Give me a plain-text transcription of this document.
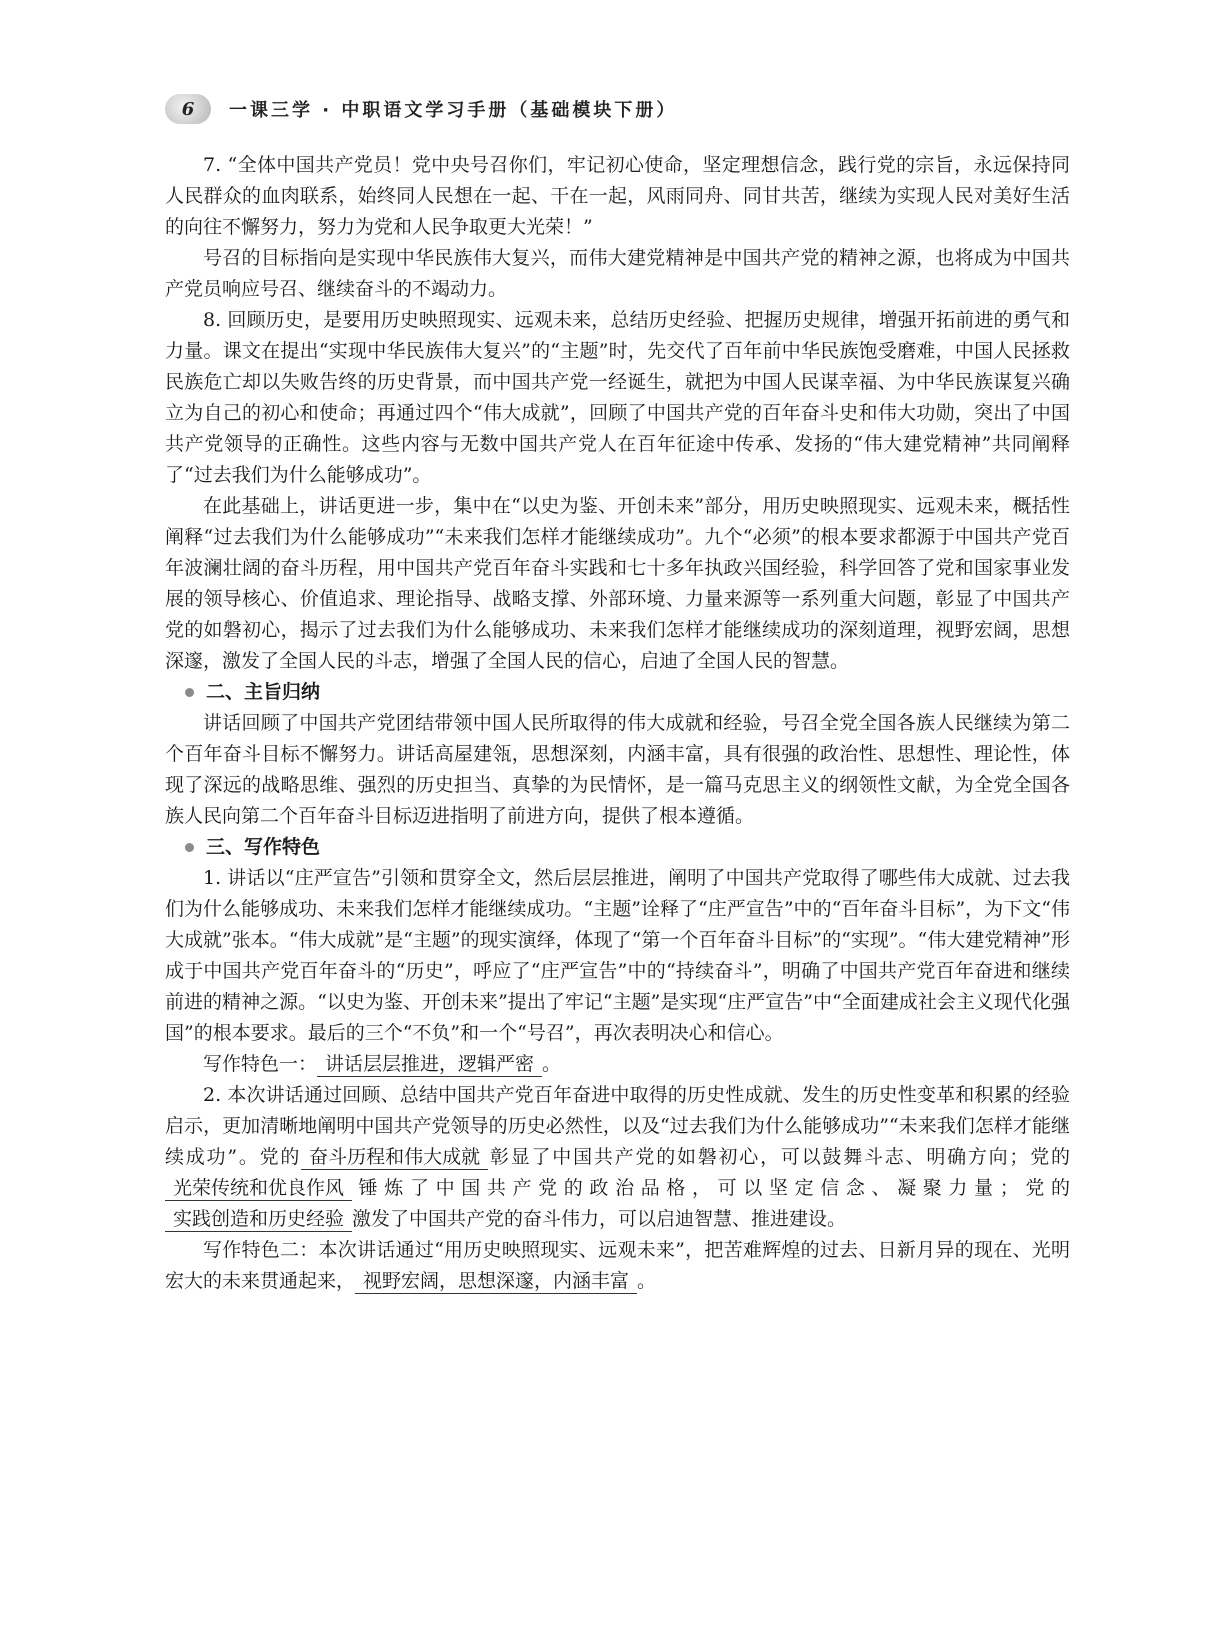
6	一课三学 · 中职语文学习手册（基础模块下册）

7. “全体中国共产党员！党中央号召你们，牢记初心使命，坚定理想信念，践行党的宗旨，永远保持同人民群众的血肉联系，始终同人民想在一起、干在一起，风雨同舟、同甘共苦，继续为实现人民对美好生活的向往不懈努力，努力为党和人民争取更大光荣！”

号召的目标指向是实现中华民族伟大复兴，而伟大建党精神是中国共产党的精神之源，也将成为中国共产党员响应号召、继续奋斗的不竭动力。

8. 回顾历史，是要用历史映照现实、远观未来，总结历史经验、把握历史规律，增强开拓前进的勇气和力量。课文在提出“实现中华民族伟大复兴”的“主题”时，先交代了百年前中华民族饱受磨难，中国人民拯救民族危亡却以失败告终的历史背景，而中国共产党一经诞生，就把为中国人民谋幸福、为中华民族谋复兴确立为自己的初心和使命；再通过四个“伟大成就”，回顾了中国共产党的百年奋斗史和伟大功勋，突出了中国共产党领导的正确性。这些内容与无数中国共产党人在百年征途中传承、发扬的“伟大建党精神”共同阐释了“过去我们为什么能够成功”。

在此基础上，讲话更进一步，集中在“以史为鉴、开创未来”部分，用历史映照现实、远观未来，概括性阐释“过去我们为什么能够成功”“未来我们怎样才能继续成功”。九个“必须”的根本要求都源于中国共产党百年波澜壮阔的奋斗历程，用中国共产党百年奋斗实践和七十多年执政兴国经验，科学回答了党和国家事业发展的领导核心、价值追求、理论指导、战略支撑、外部环境、力量来源等一系列重大问题，彰显了中国共产党的如磐初心，揭示了过去我们为什么能够成功、未来我们怎样才能继续成功的深刻道理，视野宏阔，思想深邃，激发了全国人民的斗志，增强了全国人民的信心，启迪了全国人民的智慧。

二、主旨归纳

讲话回顾了中国共产党团结带领中国人民所取得的伟大成就和经验，号召全党全国各族人民继续为第二个百年奋斗目标不懈努力。讲话高屋建瓴，思想深刻，内涵丰富，具有很强的政治性、思想性、理论性，体现了深远的战略思维、强烈的历史担当、真挚的为民情怀，是一篇马克思主义的纲领性文献，为全党全国各族人民向第二个百年奋斗目标迈进指明了前进方向，提供了根本遵循。

三、写作特色

1. 讲话以“庄严宣告”引领和贯穿全文，然后层层推进，阐明了中国共产党取得了哪些伟大成就、过去我们为什么能够成功、未来我们怎样才能继续成功。“主题”诠释了“庄严宣告”中的“百年奋斗目标”，为下文“伟大成就”张本。“伟大成就”是“主题”的现实演绎，体现了“第一个百年奋斗目标”的“实现”。“伟大建党精神”形成于中国共产党百年奋斗的“历史”，呼应了“庄严宣告”中的“持续奋斗”，明确了中国共产党百年奋进和继续前进的精神之源。“以史为鉴、开创未来”提出了牢记“主题”是实现“庄严宣告”中“全面建成社会主义现代化强国”的根本要求。最后的三个“不负”和一个“号召”，再次表明决心和信心。

写作特色一： 讲话层层推进，逻辑严密 。

2. 本次讲话通过回顾、总结中国共产党百年奋进中取得的历史性成就、发生的历史性变革和积累的经验启示，更加清晰地阐明中国共产党领导的历史必然性，以及“过去我们为什么能够成功”“未来我们怎样才能继续成功”。党的 奋斗历程和伟大成就 彰显了中国共产党的如磐初心，可以鼓舞斗志、明确方向；党的光荣传统和优良作风 锤炼了中国共产党的政治品格，可以坚定信念、凝聚力量；党的实践创造和历史经验 激发了中国共产党的奋斗伟力，可以启迪智慧、推进建设。

写作特色二：本次讲话通过“用历史映照现实、远观未来”，把苦难辉煌的过去、日新月异的现在、光明宏大的未来贯通起来， 视野宏阔，思想深邃，内涵丰富 。
